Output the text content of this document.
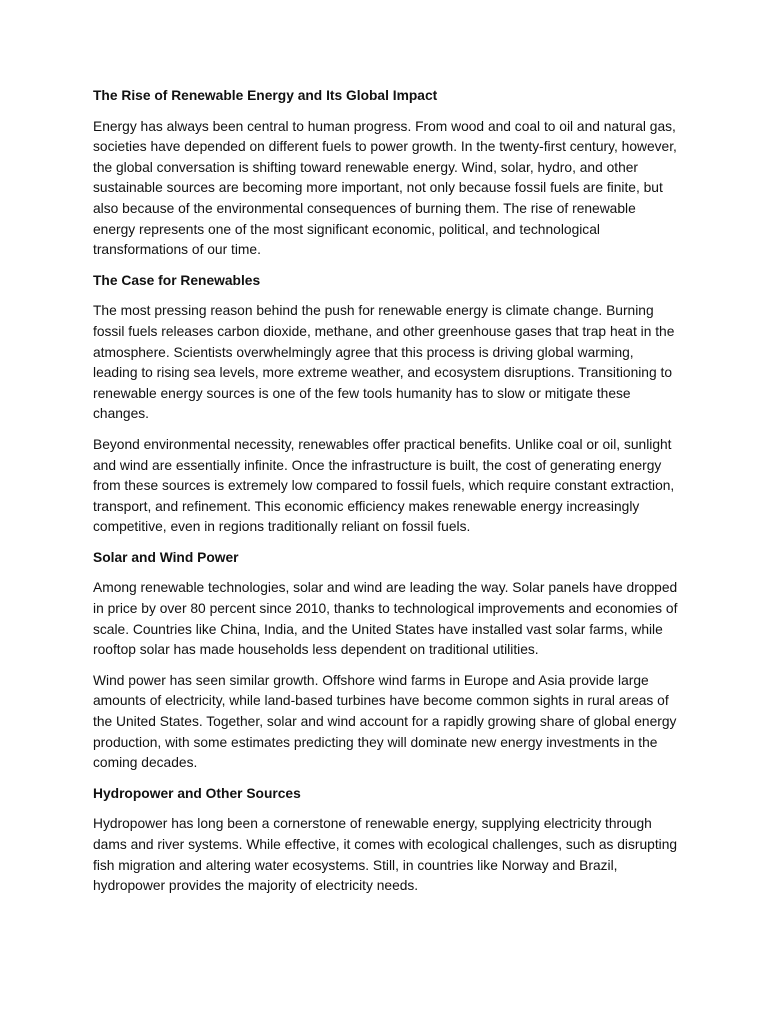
The Rise of Renewable Energy and Its Global Impact

Energy has always been central to human progress. From wood and coal to oil and natural gas, societies have depended on different fuels to power growth. In the twenty-first century, however, the global conversation is shifting toward renewable energy. Wind, solar, hydro, and other sustainable sources are becoming more important, not only because fossil fuels are finite, but also because of the environmental consequences of burning them. The rise of renewable energy represents one of the most significant economic, political, and technological transformations of our time.

The Case for Renewables

The most pressing reason behind the push for renewable energy is climate change. Burning fossil fuels releases carbon dioxide, methane, and other greenhouse gases that trap heat in the atmosphere. Scientists overwhelmingly agree that this process is driving global warming, leading to rising sea levels, more extreme weather, and ecosystem disruptions. Transitioning to renewable energy sources is one of the few tools humanity has to slow or mitigate these changes.

Beyond environmental necessity, renewables offer practical benefits. Unlike coal or oil, sunlight and wind are essentially infinite. Once the infrastructure is built, the cost of generating energy from these sources is extremely low compared to fossil fuels, which require constant extraction, transport, and refinement. This economic efficiency makes renewable energy increasingly competitive, even in regions traditionally reliant on fossil fuels.

Solar and Wind Power

Among renewable technologies, solar and wind are leading the way. Solar panels have dropped in price by over 80 percent since 2010, thanks to technological improvements and economies of scale. Countries like China, India, and the United States have installed vast solar farms, while rooftop solar has made households less dependent on traditional utilities.

Wind power has seen similar growth. Offshore wind farms in Europe and Asia provide large amounts of electricity, while land-based turbines have become common sights in rural areas of the United States. Together, solar and wind account for a rapidly growing share of global energy production, with some estimates predicting they will dominate new energy investments in the coming decades.

Hydropower and Other Sources

Hydropower has long been a cornerstone of renewable energy, supplying electricity through dams and river systems. While effective, it comes with ecological challenges, such as disrupting fish migration and altering water ecosystems. Still, in countries like Norway and Brazil, hydropower provides the majority of electricity needs.
